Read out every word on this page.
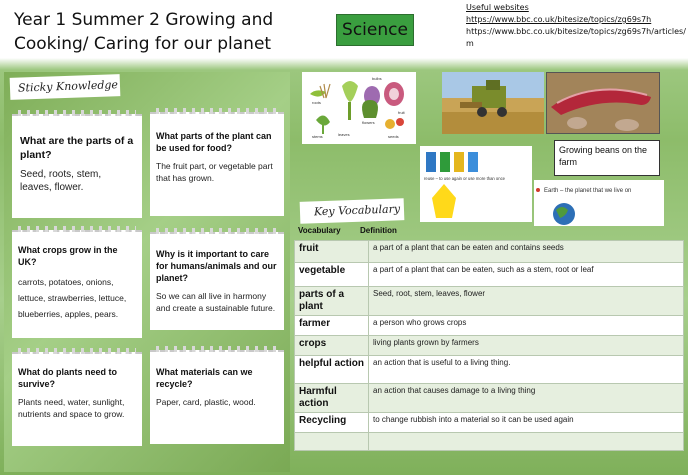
Year 1 Summer 2 Growing and Cooking/ Caring for our planet
Science
Useful websites
https://www.bbc.co.uk/bitesize/topics/zg69s7h
https://www.bbc.co.uk/bitesize/topics/zg69s7h/articles/m
Sticky Knowledge
What are the parts of a plant?
Seed, roots, stem, leaves, flower.
What parts of the plant can be used for food?
The fruit part, or vegetable part that has grown.
What crops grow in the UK?
carrots, potatoes, onions, lettuce, strawberries, lettuce, blueberries, apples, pears.
Why is it important to care for humans/animals and our planet?
So we can all live in harmony and create a sustainable future.
What do plants need to survive?
Plants need, water, sunlight, nutrients and space to grow.
What materials can we recycle?
Paper, card, plastic, wood.
roots
bulbs
stems	leaves
flowers
fruit
seeds
Growing beans on the farm
reuse – to use again or use more than once
Earth – the planet that we live on
Key Vocabulary
Vocabulary Definition
fruit	a part of a plant that can be eaten and contains seeds
vegetable	a part of a plant that can be eaten, such as a stem, root or leaf
parts of a plant	Seed, root, stem, leaves, flower
farmer	a person who grows crops
crops	living plants grown by farmers
helpful action	an action that is useful to a living thing.
Harmful action	an action that causes damage to a living thing
Recycling	to change rubbish into a material so it can be used again
